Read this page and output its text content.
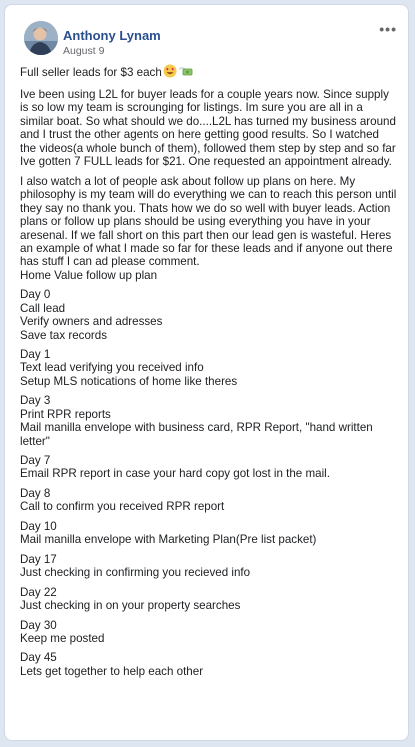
Anthony Lynam
August 9
•••

Full seller leads for $3 each

Ive been using L2L for buyer leads for a couple years now. Since supply is so low my team is scrounging for listings. Im sure you are all in a similar boat. So what should we do....L2L has turned my business around and I trust the other agents on here getting good results. So I watched the videos(a whole bunch of them), followed them step by step and so far Ive gotten 7 FULL leads for $21. One requested an appointment already.

I also watch a lot of people ask about follow up plans on here. My philosophy is my team will do everything we can to reach this person until they say no thank you. Thats how we do so well with buyer leads. Action plans or follow up plans should be using everything you have in your aresenal. If we fall short on this part then our lead gen is wasteful. Heres an example of what I made so far for these leads and if anyone out there has stuff I can ad please comment.

Home Value follow up plan
Day 0
Call lead
Verify owners and adresses
Save tax records
Day 1
Text lead verifying you received info
Setup MLS notications of home like theres
Day 3
Print RPR reports
Mail manilla envelope with business card, RPR Report, "hand written letter"
Day 7
Email RPR report in case your hard copy got lost in the mail.
Day 8
Call to confirm you received RPR report
Day 10
Mail manilla envelope with Marketing Plan(Pre list packet)
Day 17
Just checking in confirming you recieved info
Day 22
Just checking in on your property searches
Day 30
Keep me posted
Day 45
Lets get together to help each other
